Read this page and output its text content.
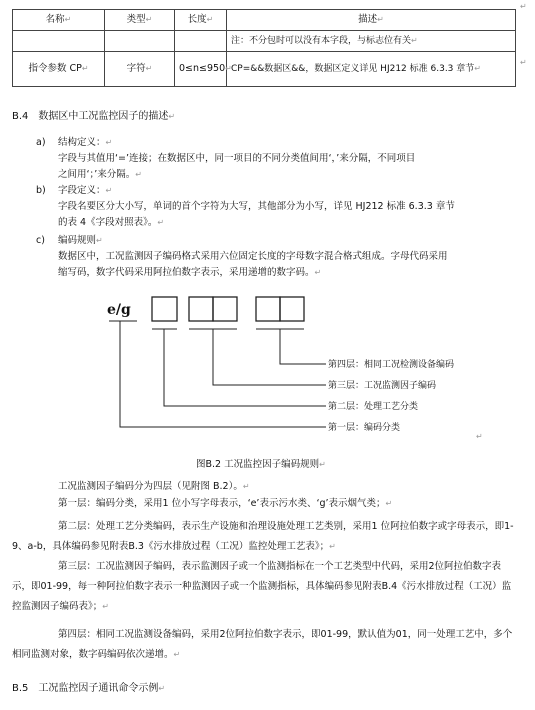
↵
↵
名称↵	类型↵	长度↵	描述↵
			注：不分包时可以没有本字段，与标志位有关↵
指令参数 CP↵	字符↵	0≤n≤950↵	CP=&&数据区&&，数据区定义详见 HJ212 标准 6.3.3 章节↵
B.4　数据区中工况监控因子的描述↵
a) 结构定义：↵
字段与其值用‘=’连接；在数据区中，同一项目的不同分类值间用‘，’来分隔，不同项目
之间用‘；’来分隔。↵
b) 字段定义：↵
字段名要区分大小写，单词的首个字符为大写，其他部分为小写，详见 HJ212 标准 6.3.3 章节
的表 4《字段对照表》。↵
c) 编码规则↵
数据区中，工况监测因子编码格式采用六位固定长度的字母数字混合格式组成。字母代码采用
缩写码，数字代码采用阿拉伯数字表示，采用递增的数字码。↵
e/g
第四层：相同工况检测设备编码
第三层：工况监测因子编码
第二层：处理工艺分类
第一层：编码分类
↵
图B.2 工况监控因子编码规则↵
工况监测因子编码分为四层（见附图 B.2）。↵
第一层：编码分类，采用1 位小写字母表示，‘e’表示污水类、‘g’表示烟气类；↵
第二层：处理工艺分类编码，表示生产设施和治理设施处理工艺类别，采用1 位阿拉伯数字或字母表示，即1-9、a-b，具体编码参见附表B.3《污水排放过程（工况）监控处理工艺表》；↵
第三层：工况监测因子编码，表示监测因子或一个监测指标在一个工艺类型中代码，采用2位阿拉伯数字表示，即01-99，每一种阿拉伯数字表示一种监测因子或一个监测指标，具体编码参见附表B.4《污水排放过程（工况）监控监测因子编码表》；↵
第四层：相同工况监测设备编码，采用2位阿拉伯数字表示，即01-99，默认值为01，同一处理工艺中，多个相同监测对象，数字码编码依次递增。↵
B.5　工况监控因子通讯命令示例↵
